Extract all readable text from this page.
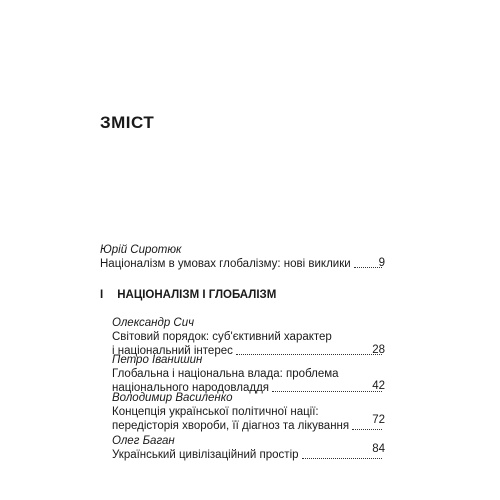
ЗМІСТ
Юрій Сиротюк
Націоналізм в умовах глобалізму: нові виклики	9
I НАЦІОНАЛІЗМ І ГЛОБАЛІЗМ
Олександр Сич
Світовий порядок: суб'єктивний характер
і національний інтерес	28
Петро Іванишин
Глобальна і національна влада: проблема
національного народовладдя	42
Володимир Василенко
Концепція української політичної нації:
передісторія хвороби, її діагноз та лікування	72
Олег Баган
Український цивілізаційний простір	84
